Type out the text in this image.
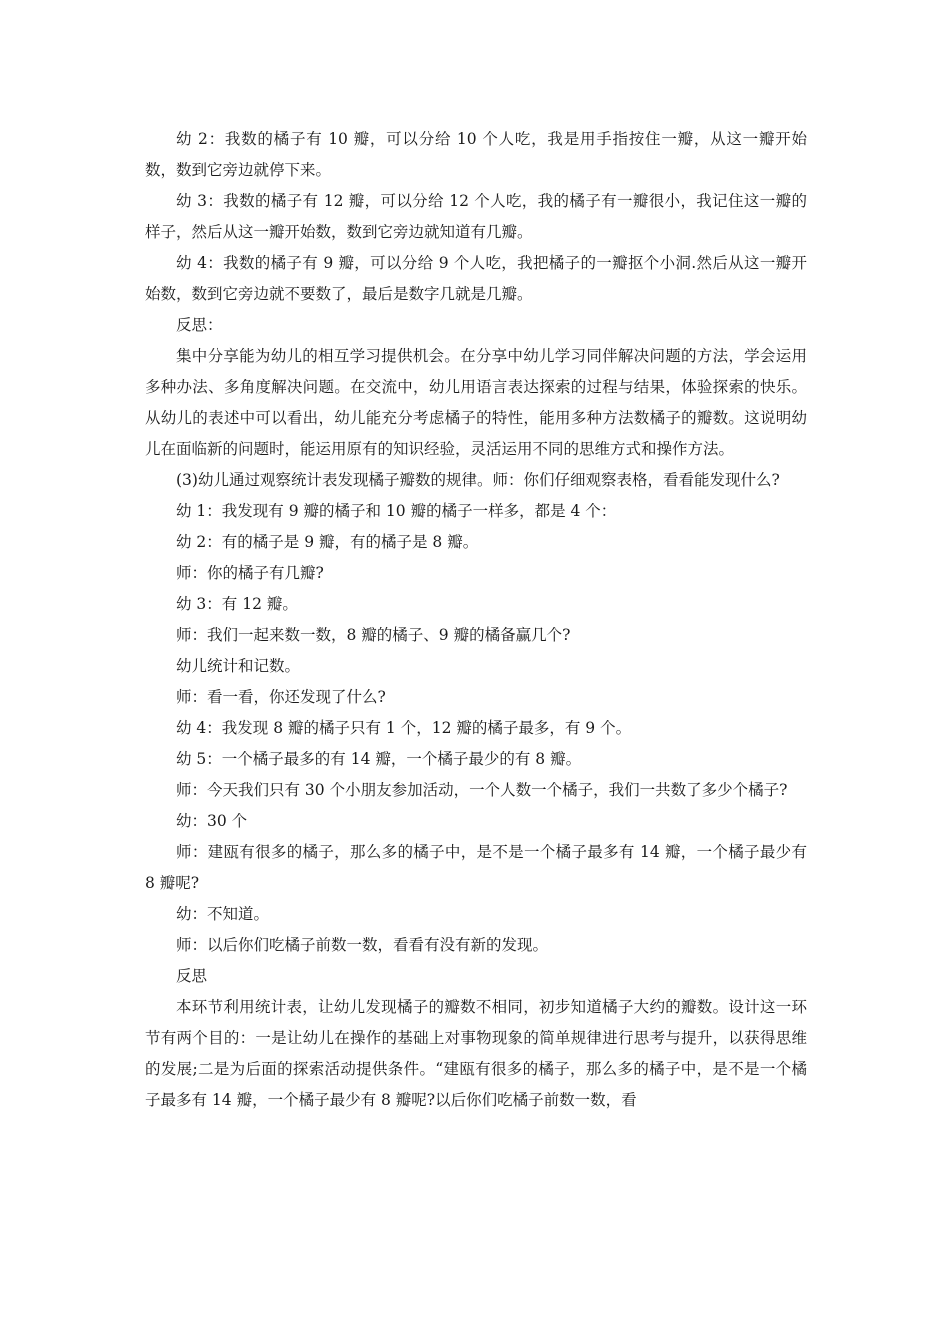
幼 2：我数的橘子有 10 瓣，可以分给 10 个人吃，我是用手指按住一瓣，从这一瓣开始数，数到它旁边就停下来。

幼 3：我数的橘子有 12 瓣，可以分给 12 个人吃，我的橘子有一瓣很小，我记住这一瓣的样子，然后从这一瓣开始数，数到它旁边就知道有几瓣。

幼 4：我数的橘子有 9 瓣，可以分给 9 个人吃，我把橘子的一瓣抠个小洞.然后从这一瓣开始数，数到它旁边就不要数了，最后是数字几就是几瓣。

反思：

集中分享能为幼儿的相互学习提供机会。在分享中幼儿学习同伴解决问题的方法，学会运用多种办法、多角度解决问题。在交流中，幼儿用语言表达探索的过程与结果，体验探索的快乐。从幼儿的表述中可以看出，幼儿能充分考虑橘子的特性，能用多种方法数橘子的瓣数。这说明幼儿在面临新的问题时，能运用原有的知识经验，灵活运用不同的思维方式和操作方法。

(3)幼儿通过观察统计表发现橘子瓣数的规律。师：你们仔细观察表格，看看能发现什么?

幼 1：我发现有 9 瓣的橘子和 10 瓣的橘子一样多，都是 4 个：

幼 2：有的橘子是 9 瓣，有的橘子是 8 瓣。

师：你的橘子有几瓣?

幼 3：有 12 瓣。

师：我们一起来数一数，8 瓣的橘子、9 瓣的橘备赢几个?

幼儿统计和记数。

师：看一看，你还发现了什么?

幼 4：我发现 8 瓣的橘子只有 1 个，12 瓣的橘子最多，有 9 个。

幼 5：一个橘子最多的有 14 瓣，一个橘子最少的有 8 瓣。

师：今天我们只有 30 个小朋友参加活动，一个人数一个橘子，我们一共数了多少个橘子?

幼：30 个

师：建瓯有很多的橘子，那么多的橘子中，是不是一个橘子最多有 14 瓣，一个橘子最少有 8 瓣呢?

幼：不知道。

师：以后你们吃橘子前数一数，看看有没有新的发现。

反思

本环节利用统计表，让幼儿发现橘子的瓣数不相同，初步知道橘子大约的瓣数。设计这一环节有两个目的：一是让幼儿在操作的基础上对事物现象的简单规律进行思考与提升，以获得思维的发展;二是为后面的探索活动提供条件。“建瓯有很多的橘子，那么多的橘子中，是不是一个橘子最多有 14 瓣，一个橘子最少有 8 瓣呢?以后你们吃橘子前数一数，看
